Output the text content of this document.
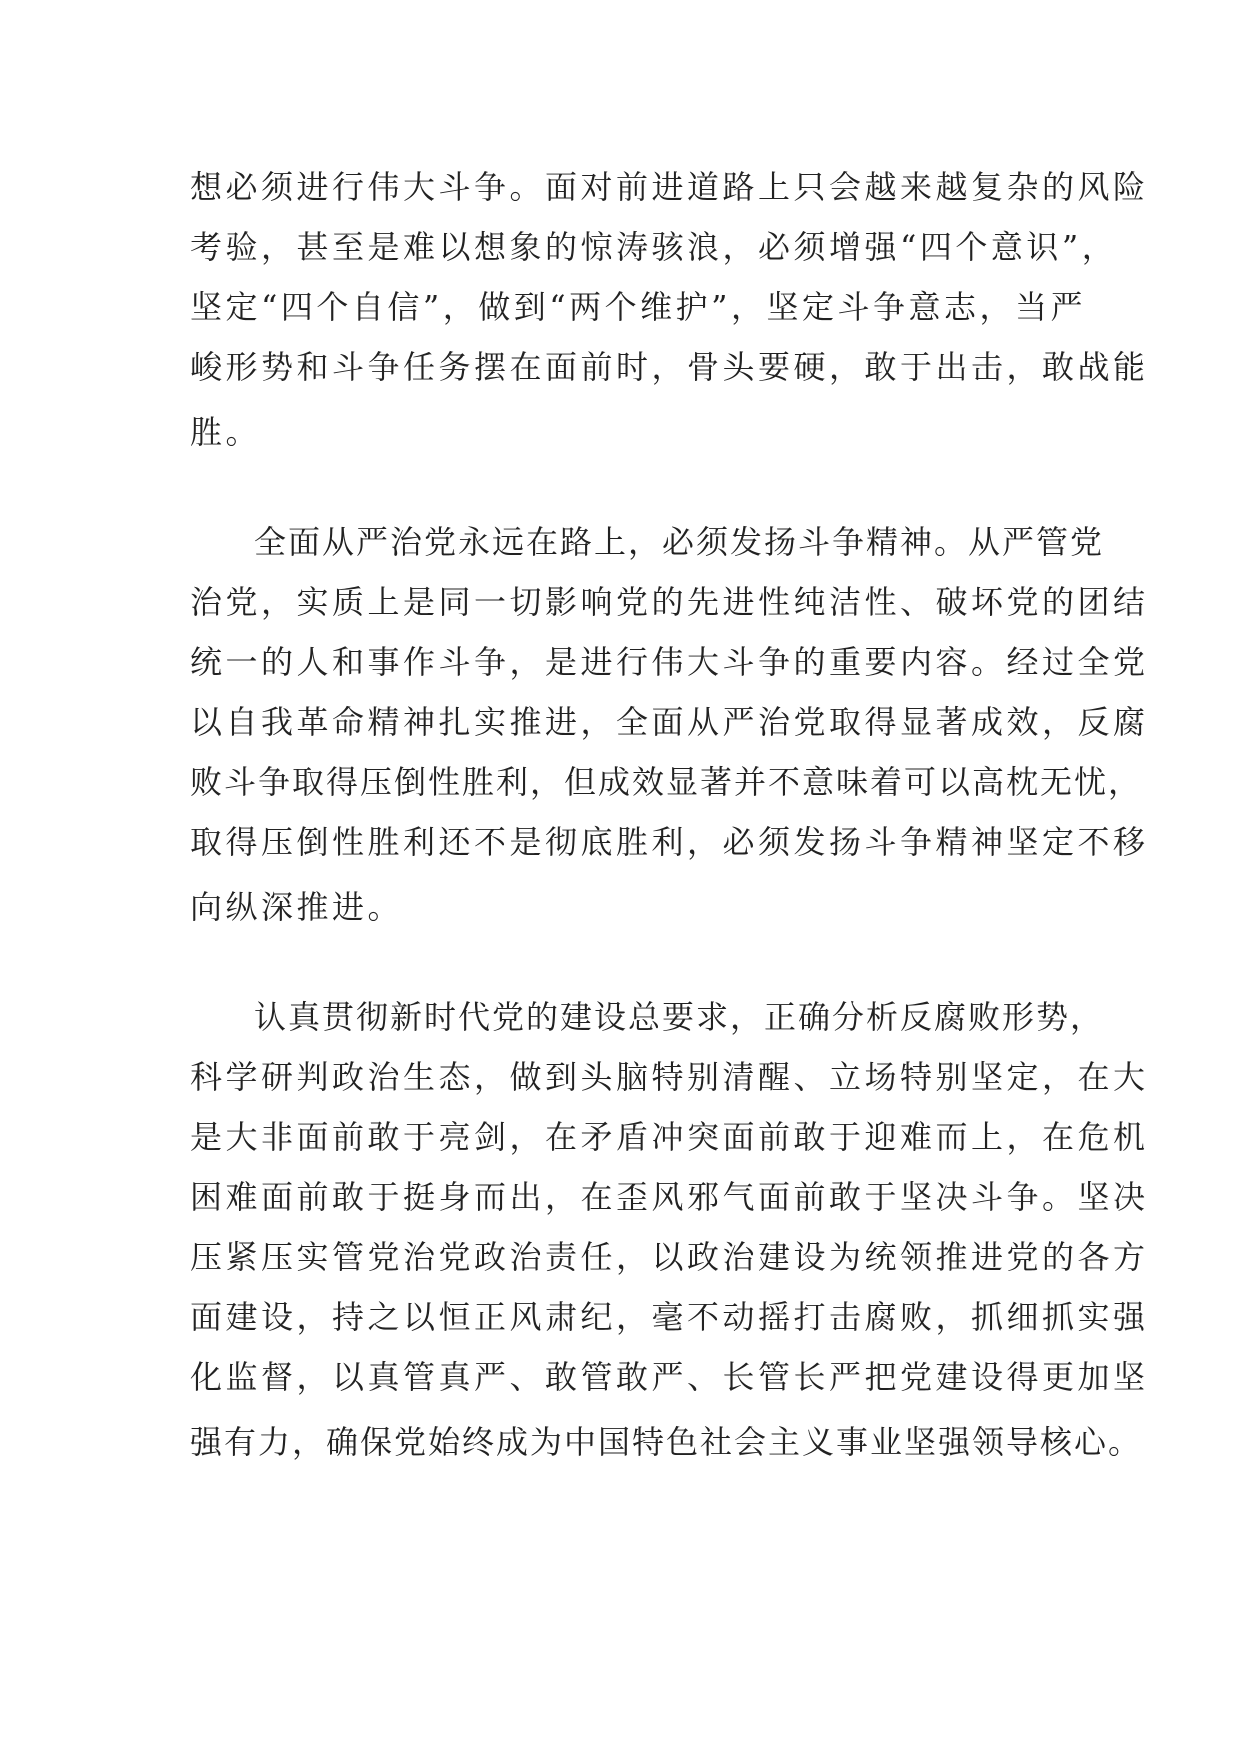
想必须进行伟大斗争。面对前进道路上只会越来越复杂的风险
考验，甚至是难以想象的惊涛骇浪，必须增强“四个意识”，
坚定“四个自信”，做到“两个维护”，坚定斗争意志，当严
峻形势和斗争任务摆在面前时，骨头要硬，敢于出击，敢战能
胜。
全面从严治党永远在路上，必须发扬斗争精神。从严管党
治党，实质上是同一切影响党的先进性纯洁性、破坏党的团结
统一的人和事作斗争，是进行伟大斗争的重要内容。经过全党
以自我革命精神扎实推进，全面从严治党取得显著成效，反腐
败斗争取得压倒性胜利，但成效显著并不意味着可以高枕无忧，
取得压倒性胜利还不是彻底胜利，必须发扬斗争精神坚定不移
向纵深推进。
认真贯彻新时代党的建设总要求，正确分析反腐败形势，
科学研判政治生态，做到头脑特别清醒、立场特别坚定，在大
是大非面前敢于亮剑，在矛盾冲突面前敢于迎难而上，在危机
困难面前敢于挺身而出，在歪风邪气面前敢于坚决斗争。坚决
压紧压实管党治党政治责任，以政治建设为统领推进党的各方
面建设，持之以恒正风肃纪，毫不动摇打击腐败，抓细抓实强
化监督，以真管真严、敢管敢严、长管长严把党建设得更加坚
强有力，确保党始终成为中国特色社会主义事业坚强领导核心。
